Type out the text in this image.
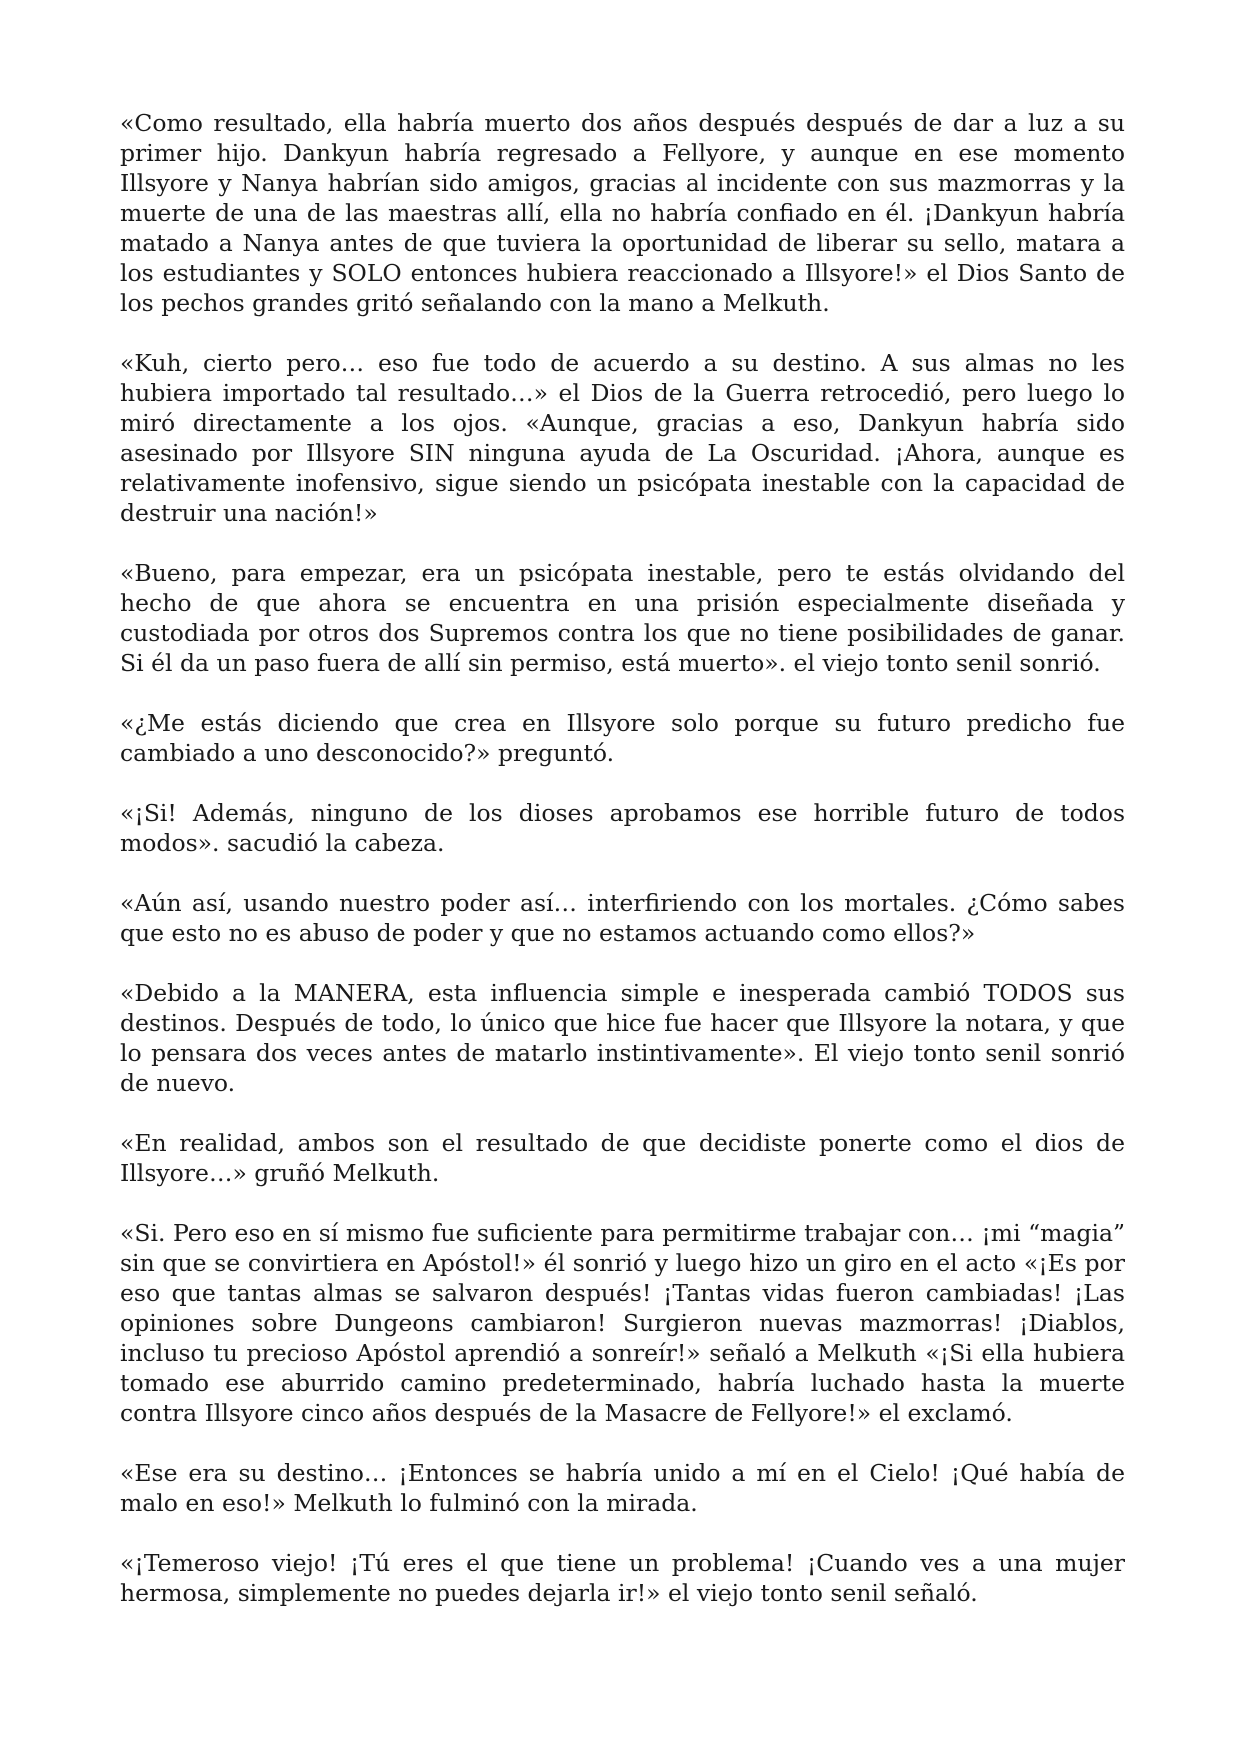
«Como resultado, ella habría muerto dos años después después de dar a luz a su primer hijo. Dankyun habría regresado a Fellyore, y aunque en ese momento Illsyore y Nanya habrían sido amigos, gracias al incidente con sus mazmorras y la muerte de una de las maestras allí, ella no habría confiado en él. ¡Dankyun habría matado a Nanya antes de que tuviera la oportunidad de liberar su sello, matara a los estudiantes y SOLO entonces hubiera reaccionado a Illsyore!» el Dios Santo de los pechos grandes gritó señalando con la mano a Melkuth.

«Kuh, cierto pero… eso fue todo de acuerdo a su destino. A sus almas no les hubiera importado tal resultado…» el Dios de la Guerra retrocedió, pero luego lo miró directamente a los ojos. «Aunque, gracias a eso, Dankyun habría sido asesinado por Illsyore SIN ninguna ayuda de La Oscuridad. ¡Ahora, aunque es relativamente inofensivo, sigue siendo un psicópata inestable con la capacidad de destruir una nación!»

«Bueno, para empezar, era un psicópata inestable, pero te estás olvidando del hecho de que ahora se encuentra en una prisión especialmente diseñada y custodiada por otros dos Supremos contra los que no tiene posibilidades de ganar. Si él da un paso fuera de allí sin permiso, está muerto». el viejo tonto senil sonrió.

«¿Me estás diciendo que crea en Illsyore solo porque su futuro predicho fue cambiado a uno desconocido?» preguntó.

«¡Si! Además, ninguno de los dioses aprobamos ese horrible futuro de todos modos». sacudió la cabeza.

«Aún así, usando nuestro poder así… interfiriendo con los mortales. ¿Cómo sabes que esto no es abuso de poder y que no estamos actuando como ellos?»

«Debido a la MANERA, esta influencia simple e inesperada cambió TODOS sus destinos. Después de todo, lo único que hice fue hacer que Illsyore la notara, y que lo pensara dos veces antes de matarlo instintivamente». El viejo tonto senil sonrió de nuevo.

«En realidad, ambos son el resultado de que decidiste ponerte como el dios de Illsyore…» gruñó Melkuth.

«Si. Pero eso en sí mismo fue suficiente para permitirme trabajar con… ¡mi “magia” sin que se convirtiera en Apóstol!» él sonrió y luego hizo un giro en el acto «¡Es por eso que tantas almas se salvaron después! ¡Tantas vidas fueron cambiadas! ¡Las opiniones sobre Dungeons cambiaron! Surgieron nuevas mazmorras! ¡Diablos, incluso tu precioso Apóstol aprendió a sonreír!» señaló a Melkuth «¡Si ella hubiera tomado ese aburrido camino predeterminado, habría luchado hasta la muerte contra Illsyore cinco años después de la Masacre de Fellyore!» el exclamó.

«Ese era su destino… ¡Entonces se habría unido a mí en el Cielo! ¡Qué había de malo en eso!» Melkuth lo fulminó con la mirada.

«¡Temeroso viejo! ¡Tú eres el que tiene un problema! ¡Cuando ves a una mujer hermosa, simplemente no puedes dejarla ir!» el viejo tonto senil señaló.
